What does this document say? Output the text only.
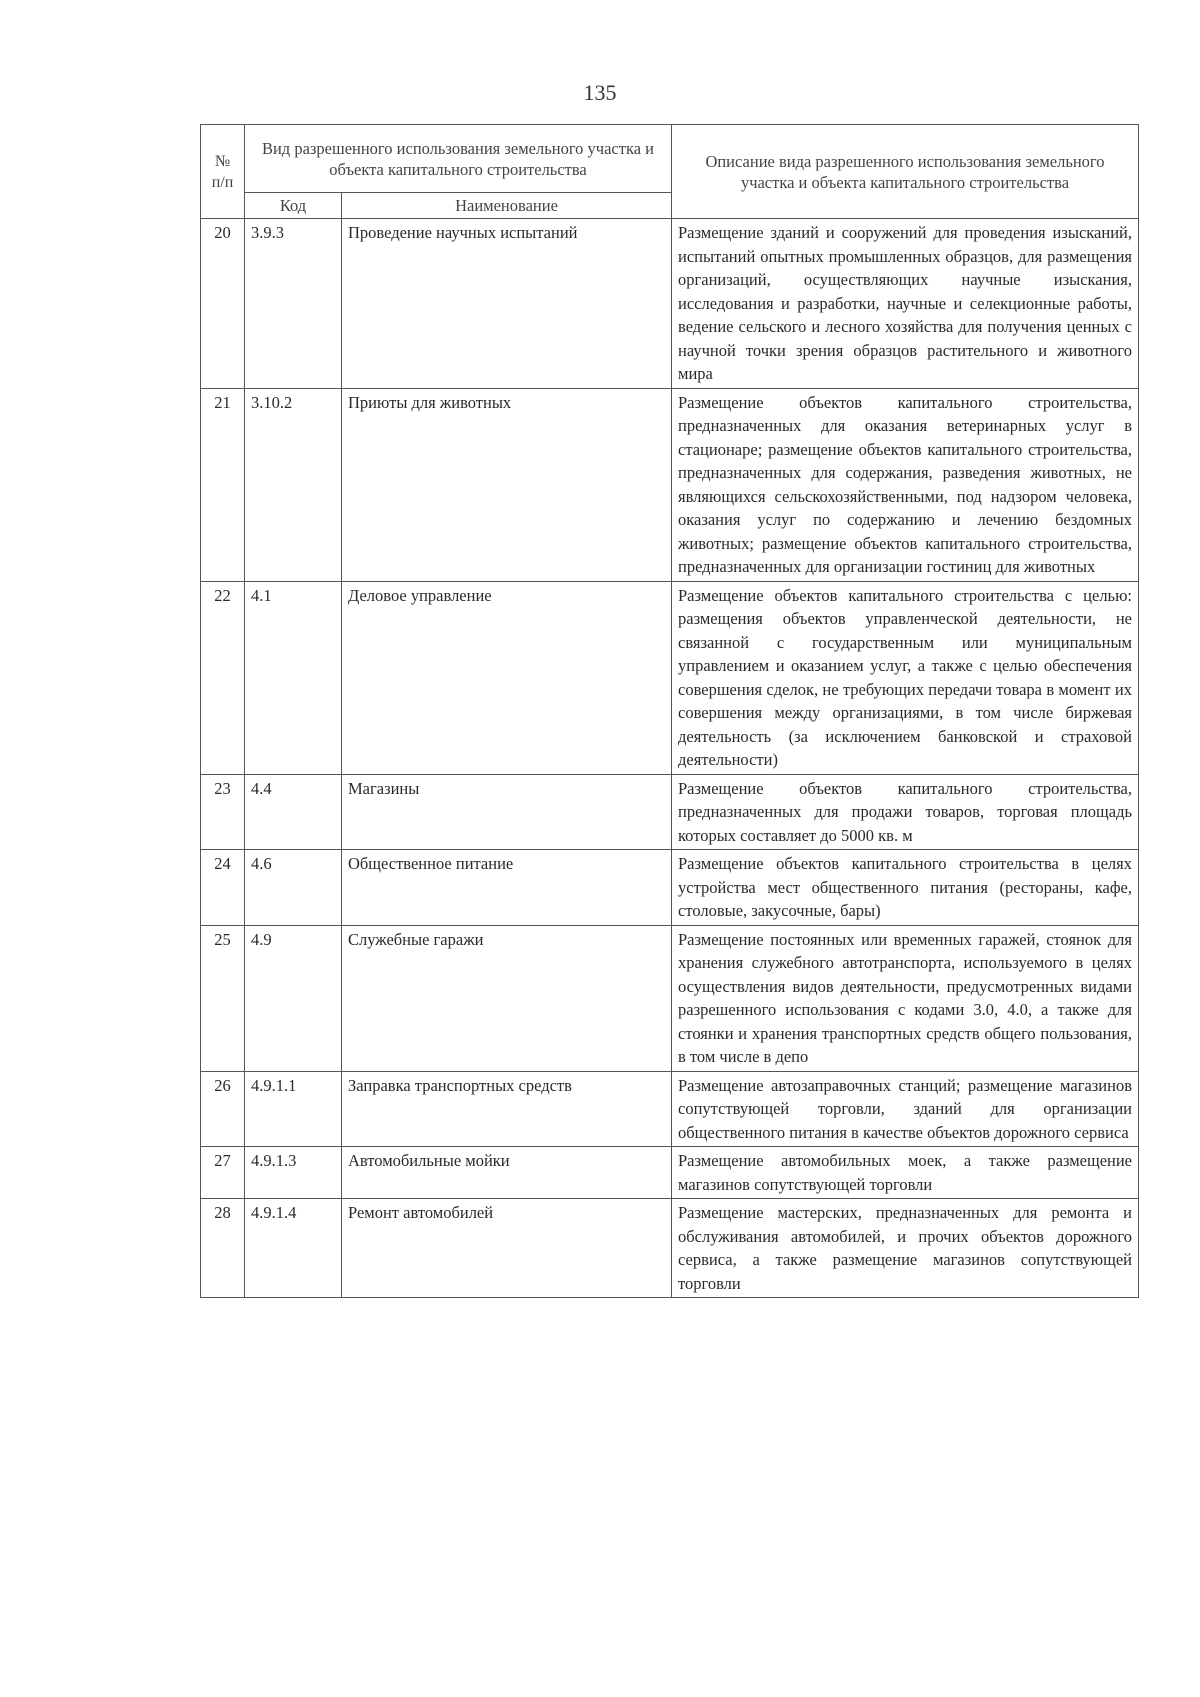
135
№ п/п	Вид разрешенного использования земельного участка и объекта капитального строительства		Описание вида разрешенного использования земельного участка и объекта капитального строительства
	Код	Наименование	
20	3.9.3	Проведение научных испытаний	Размещение зданий и сооружений для проведения изысканий, испытаний опытных промышленных образцов, для размещения организаций, осуществляющих научные изыскания, исследования и разработки, научные и селекционные работы, ведение сельского и лесного хозяйства для получения ценных с научной точки зрения образцов растительного и животного мира
21	3.10.2	Приюты для животных	Размещение объектов капитального строительства, предназначенных для оказания ветеринарных услуг в стационаре; размещение объектов капитального строительства, предназначенных для содержания, разведения животных, не являющихся сельскохозяйственными, под надзором человека, оказания услуг по содержанию и лечению бездомных животных; размещение объектов капитального строительства, предназначенных для организации гостиниц для животных
22	4.1	Деловое управление	Размещение объектов капитального строительства с целью: размещения объектов управленческой деятельности, не связанной с государственным или муниципальным управлением и оказанием услуг, а также с целью обеспечения совершения сделок, не требующих передачи товара в момент их совершения между организациями, в том числе биржевая деятельность (за исключением банковской и страховой деятельности)
23	4.4	Магазины	Размещение объектов капитального строительства, предназначенных для продажи товаров, торговая площадь которых составляет до 5000 кв. м
24	4.6	Общественное питание	Размещение объектов капитального строительства в целях устройства мест общественного питания (рестораны, кафе, столовые, закусочные, бары)
25	4.9	Служебные гаражи	Размещение постоянных или временных гаражей, стоянок для хранения служебного автотранспорта, используемого в целях осуществления видов деятельности, предусмотренных видами разрешенного использования с кодами 3.0, 4.0, а также для стоянки и хранения транспортных средств общего пользования, в том числе в депо
26	4.9.1.1	Заправка транспортных средств	Размещение автозаправочных станций; размещение магазинов сопутствующей торговли, зданий для организации общественного питания в качестве объектов дорожного сервиса
27	4.9.1.3	Автомобильные мойки	Размещение автомобильных моек, а также размещение магазинов сопутствующей торговли
28	4.9.1.4	Ремонт автомобилей	Размещение мастерских, предназначенных для ремонта и обслуживания автомобилей, и прочих объектов дорожного сервиса, а также размещение магазинов сопутствующей торговли
